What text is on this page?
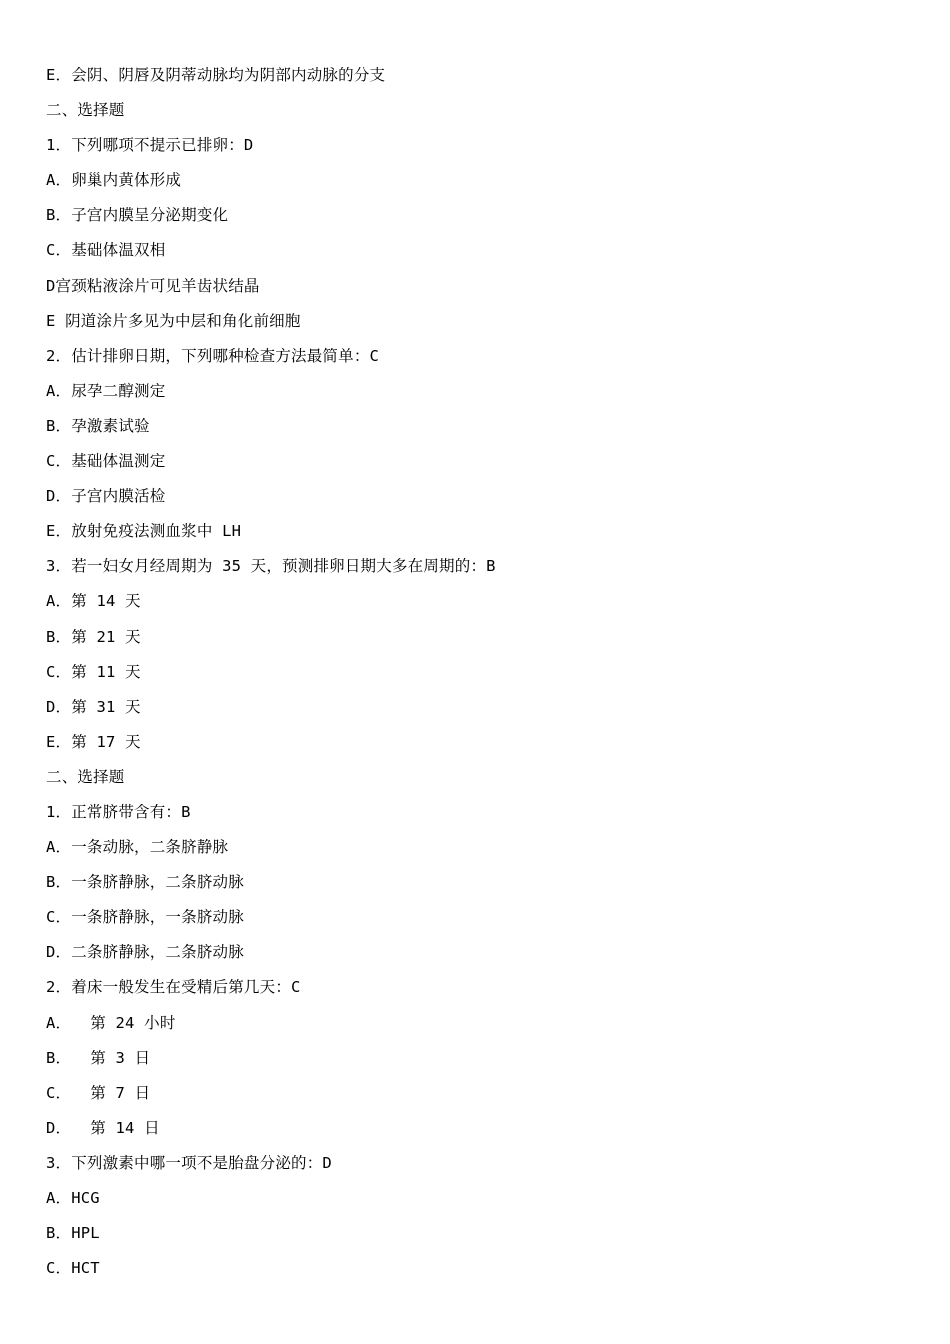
E．会阴、阴唇及阴蒂动脉均为阴部内动脉的分支
二、选择题
1．下列哪项不提示已排卵：D
A．卵巢内黄体形成
B．子宫内膜呈分泌期变化
C．基础体温双相
D宫颈粘液涂片可见羊齿状结晶
E 阴道涂片多见为中层和角化前细胞
2．估计排卵日期，下列哪种检查方法最简单：C
A．尿孕二醇测定
B．孕激素试验
C．基础体温测定
D．子宫内膜活检
E．放射免疫法测血浆中 LH
3．若一妇女月经周期为 35 天，预测排卵日期大多在周期的：B
A．第 14 天
B．第 21 天
C．第 11 天
D．第 31 天
E．第 17 天
二、选择题
1．正常脐带含有：B
A．一条动脉，二条脐静脉
B．一条脐静脉，二条脐动脉
C．一条脐静脉，一条脐动脉
D．二条脐静脉，二条脐动脉
2．着床一般发生在受精后第几天：C
A．  第 24 小时
B．  第 3 日
C．  第 7 日
D．  第 14 日
3．下列激素中哪一项不是胎盘分泌的：D
A．HCG
B．HPL
C．HCT
